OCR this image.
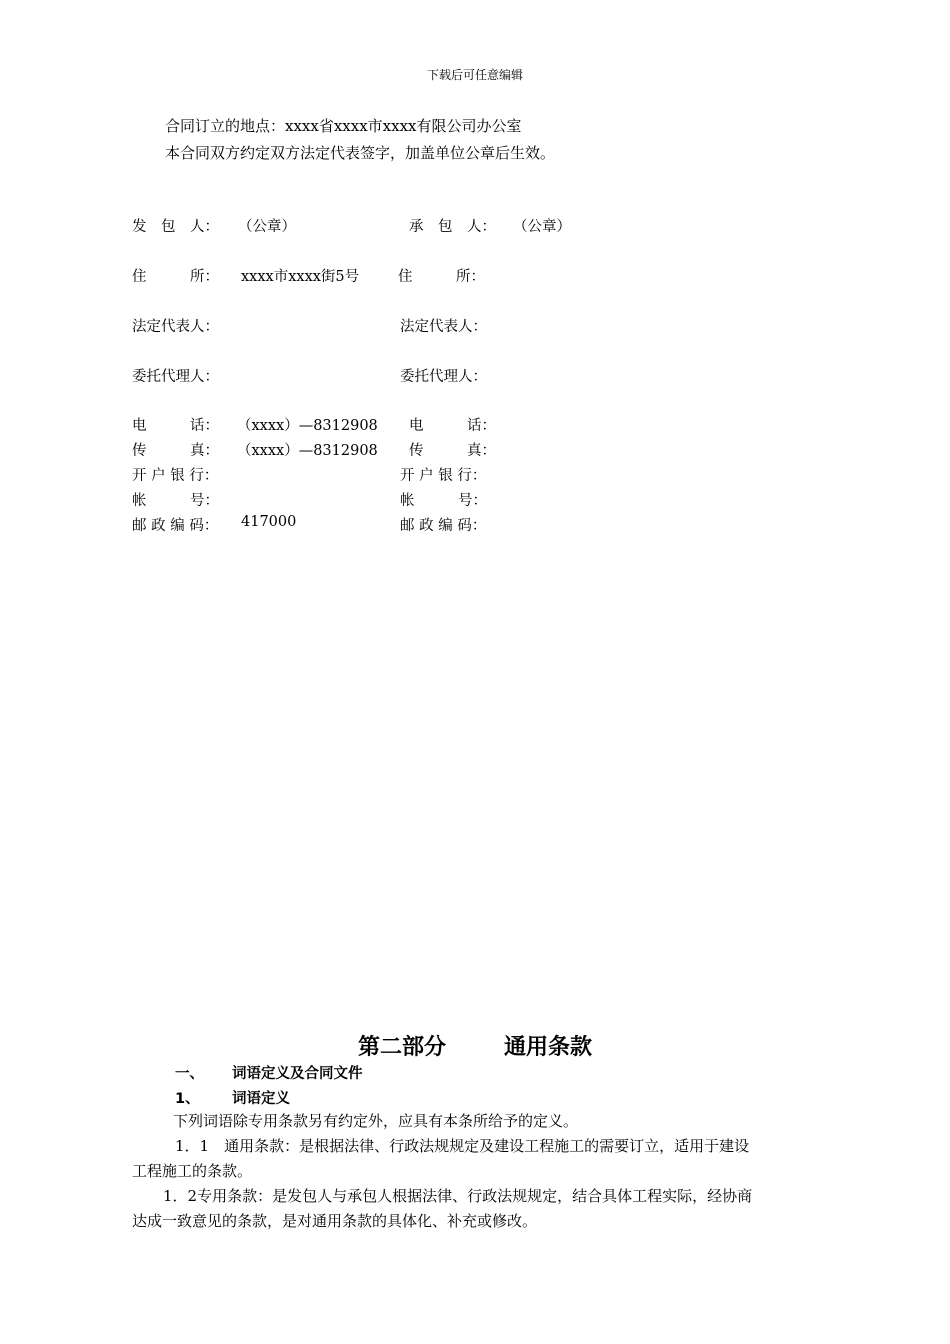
下载后可任意编辑
合同订立的地点：xxxx省xxxx市xxxx有限公司办公室
本合同双方约定双方法定代表签字，加盖单位公章后生效。
发　包　人： （公章）
住　　　所： xxxx市xxxx街5号
法定代表人：
委托代理人：
电　　　话： （xxxx）—8312908
传　　　真： （xxxx）—8312908
开 户 银 行：
帐　　　号：
邮 政 编 码： 417000
承　包　人： （公章）
住　　　所：
法定代表人：
委托代理人：
电　　　话：
传　　　真：
开 户 银 行：
帐　　　号：
邮 政 编 码：
第二部分	通用条款
一、 词语定义及合同文件
1、 词语定义
下列词语除专用条款另有约定外，应具有本条所给予的定义。
1．1　通用条款：是根据法律、行政法规规定及建设工程施工的需要订立，适用于建设
工程施工的条款。
1．2专用条款：是发包人与承包人根据法律、行政法规规定，结合具体工程实际，经协商
达成一致意见的条款，是对通用条款的具体化、补充或修改。
